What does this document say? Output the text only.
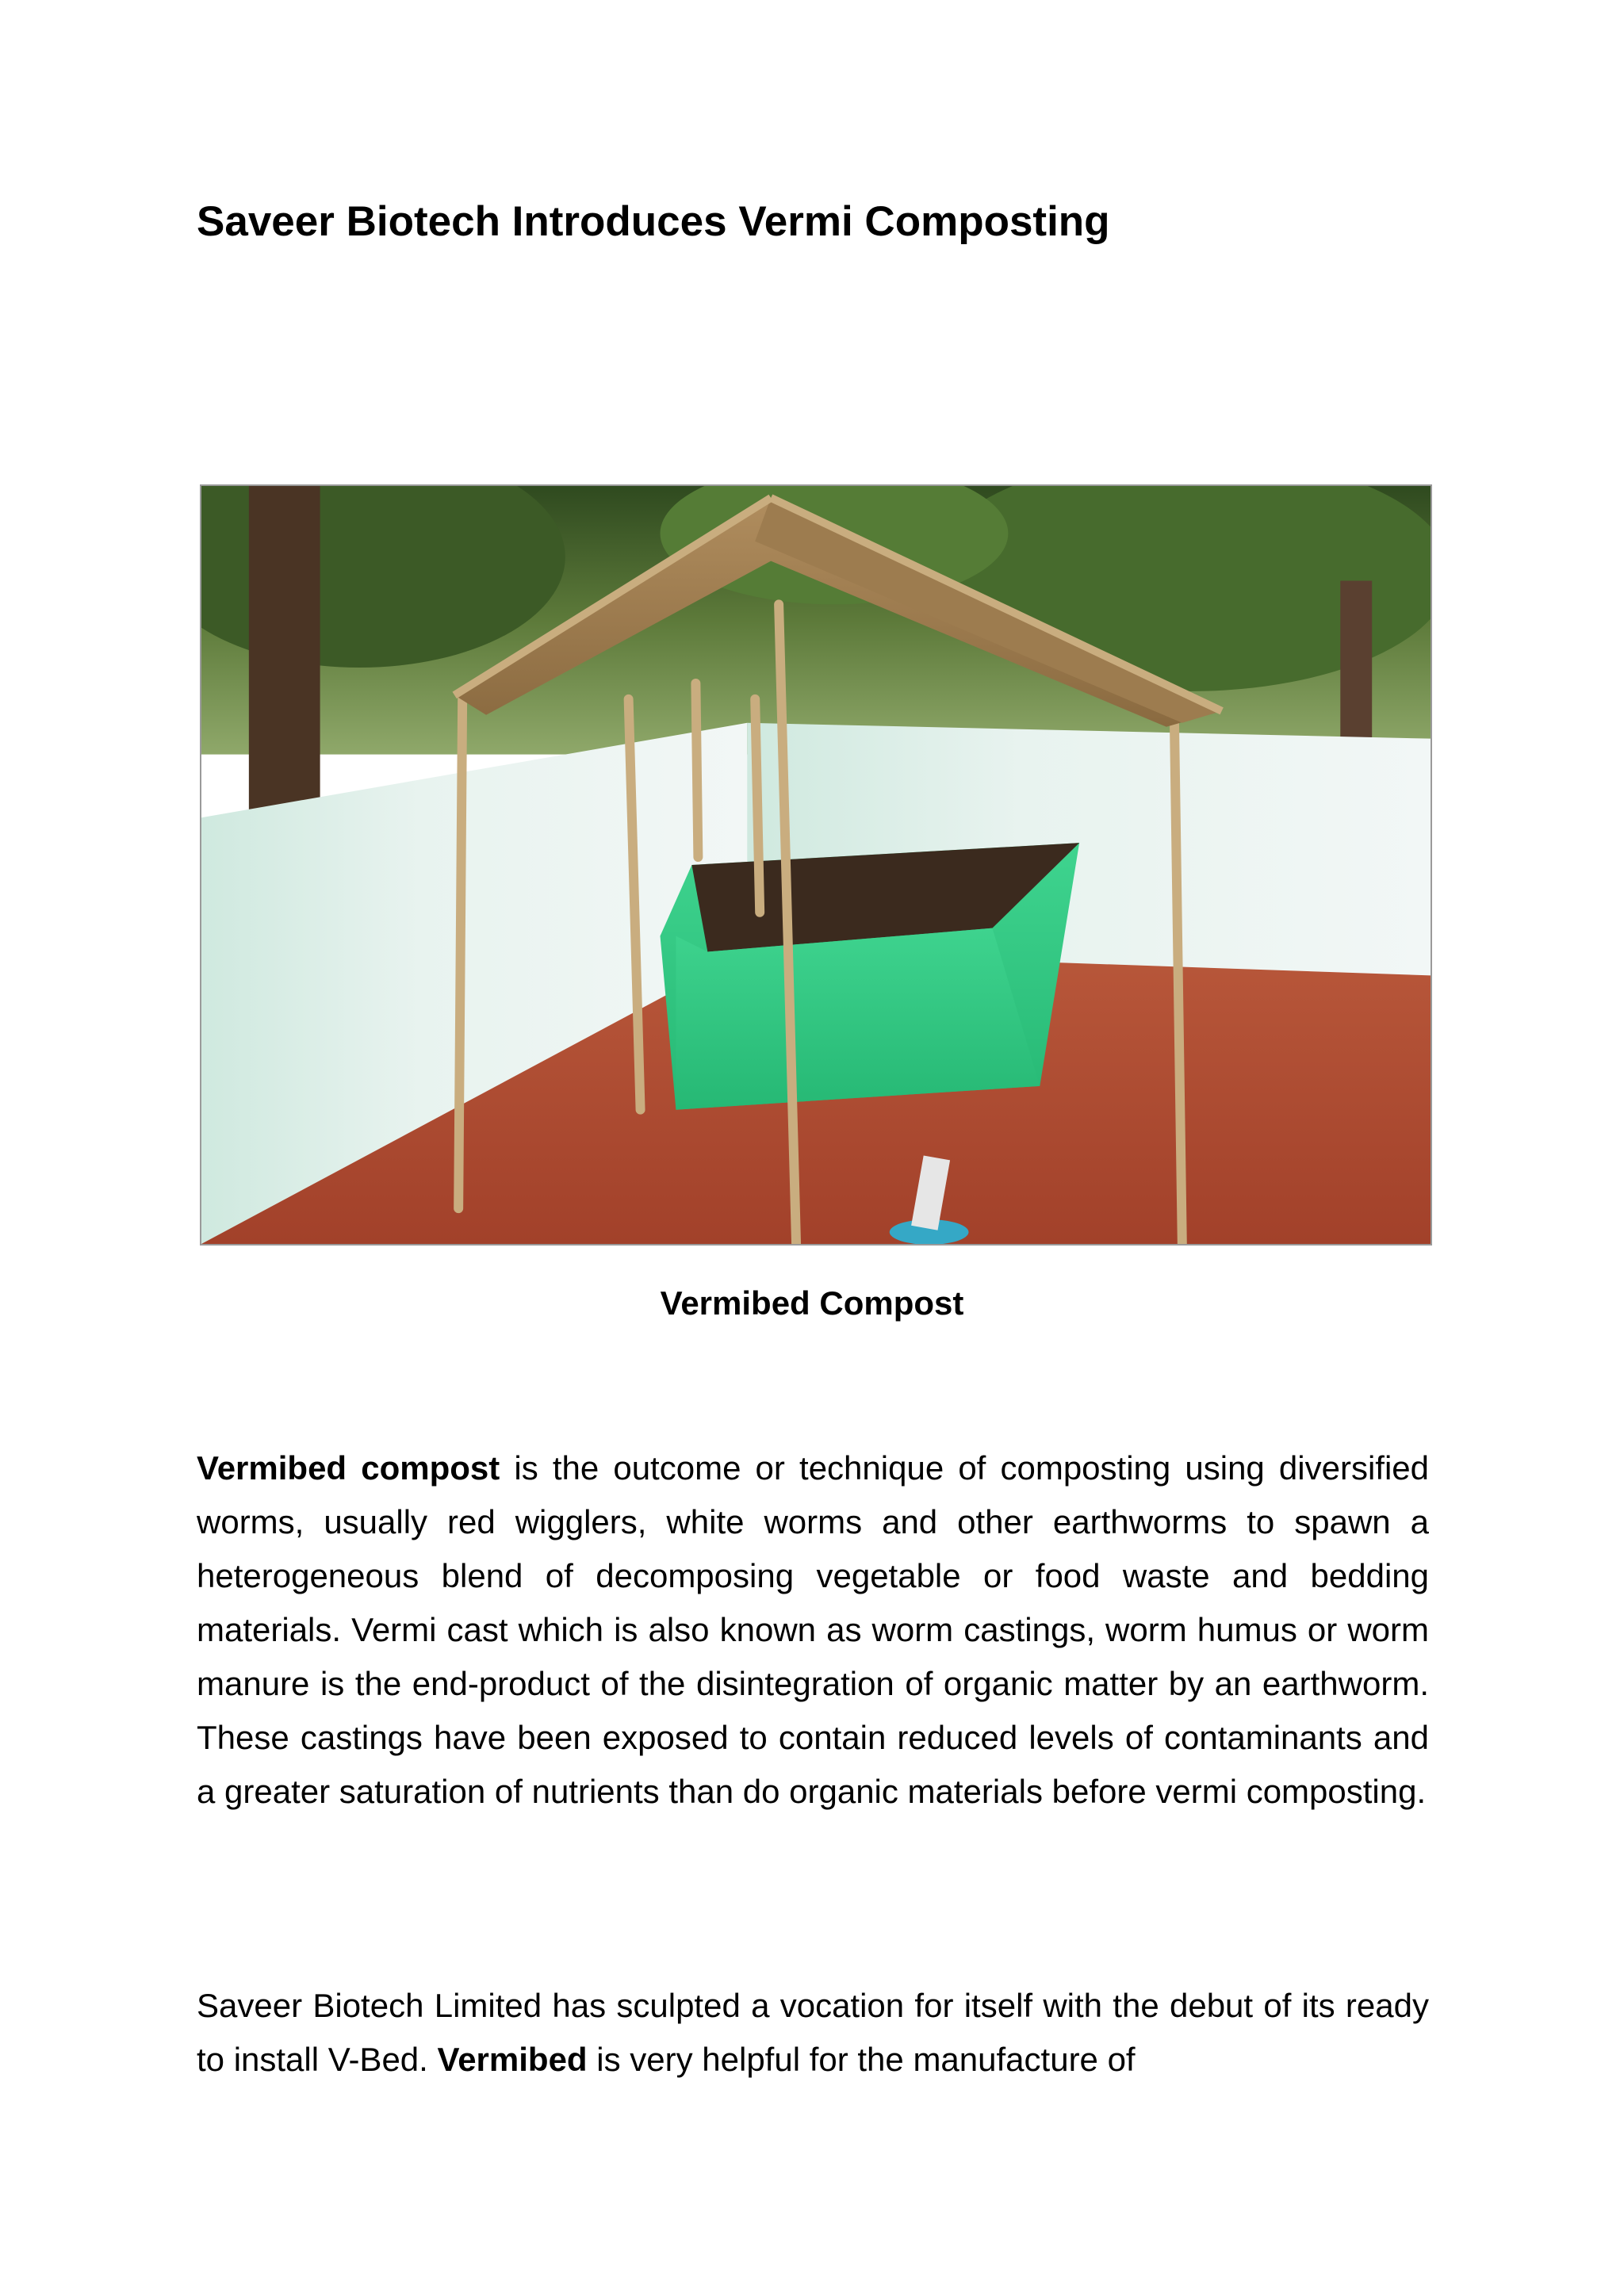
Saveer Biotech Introduces Vermi Composting
Vermibed Compost

Vermibed compost is the outcome or technique of composting using diversified worms, usually red wigglers, white worms and other earthworms to spawn a heterogeneous blend of decomposing vegetable or food waste and bedding materials. Vermi cast which is also known as worm castings, worm humus or worm manure is the end-product of the disintegration of organic matter by an earthworm. These castings have been exposed to contain reduced levels of contaminants and a greater saturation of nutrients than do organic materials before vermi composting.

Saveer Biotech Limited has sculpted a vocation for itself with the debut of its ready to install V-Bed. Vermibed is very helpful for the manufacture of
